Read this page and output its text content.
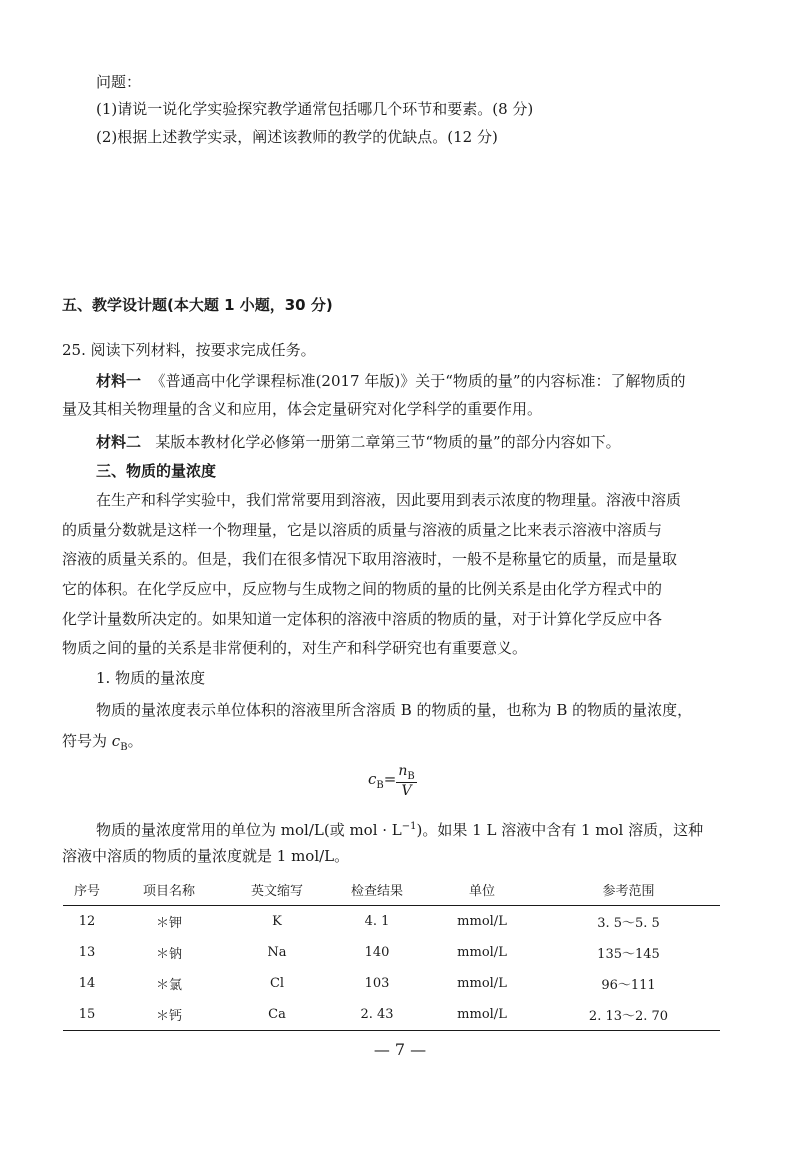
问题：
(1)请说一说化学实验探究教学通常包括哪几个环节和要素。(8 分)
(2)根据上述教学实录，阐述该教师的教学的优缺点。(12 分)
五、教学设计题(本大题 1 小题，30 分)
25. 阅读下列材料，按要求完成任务。
材料一 《普通高中化学课程标准(2017 年版)》关于“物质的量”的内容标准：了解物质的
量及其相关物理量的含义和应用，体会定量研究对化学科学的重要作用。
材料二 某版本教材化学必修第一册第二章第三节“物质的量”的部分内容如下。
三、物质的量浓度
在生产和科学实验中，我们常常要用到溶液，因此要用到表示浓度的物理量。溶液中溶质
的质量分数就是这样一个物理量，它是以溶质的质量与溶液的质量之比来表示溶液中溶质与
溶液的质量关系的。但是，我们在很多情况下取用溶液时，一般不是称量它的质量，而是量取
它的体积。在化学反应中，反应物与生成物之间的物质的量的比例关系是由化学方程式中的
化学计量数所决定的。如果知道一定体积的溶液中溶质的物质的量，对于计算化学反应中各
物质之间的量的关系是非常便利的，对生产和科学研究也有重要意义。
1. 物质的量浓度
物质的量浓度表示单位体积的溶液里所含溶质 B 的物质的量，也称为 B 的物质的量浓度，
符号为 $c_B$。
$c_B= \frac{n_B}{V}$
物质的量浓度常用的单位为 mol/L(或 mol · $L^{-1}$)。如果 1 L 溶液中含有 1 mol 溶质，这种
溶液中溶质的物质的量浓度就是 1 mol/L。
序号	项目名称	英文缩写	检查结果	单位	参考范围
12	＊钾	K	4. 1	mmol/L	3. 5～5. 5
13	＊钠	Na	140	mmol/L	135～145
14	＊氯	Cl	103	mmol/L	96～111
15	＊钙	Ca	2. 43	mmol/L	2. 13～2. 70
— 7 —
